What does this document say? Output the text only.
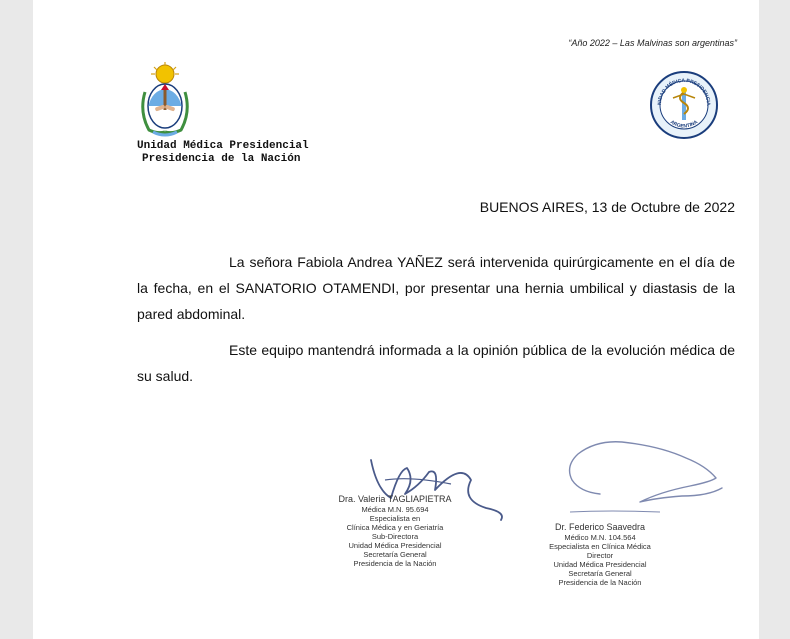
“Año 2022 – Las Malvinas son argentinas”
Unidad Médica Presidencial
Presidencia de la Nación
NIDAD MÉDICA PRESIDENCIA
ARGENTINA
BUENOS AIRES, 13 de Octubre de 2022
La señora Fabiola Andrea YAÑEZ será intervenida quirúrgicamente en el día de la fecha, en el SANATORIO OTAMENDI, por presentar una hernia umbilical y diastasis de la pared abdominal.
Este equipo mantendrá informada a la opinión pública de la evolución médica de su salud.
Dra. Valeria TAGLIAPIETRA
Médica M.N. 95.694
Especialista en
Clínica Médica y en Geriatría
Sub-Directora
Unidad Médica Presidencial
Secretaría General
Presidencia de la Nación
Dr. Federico Saavedra
Médico M.N. 104.564
Especialista en Clínica Médica
Director
Unidad Médica Presidencial
Secretaría General
Presidencia de la Nación
